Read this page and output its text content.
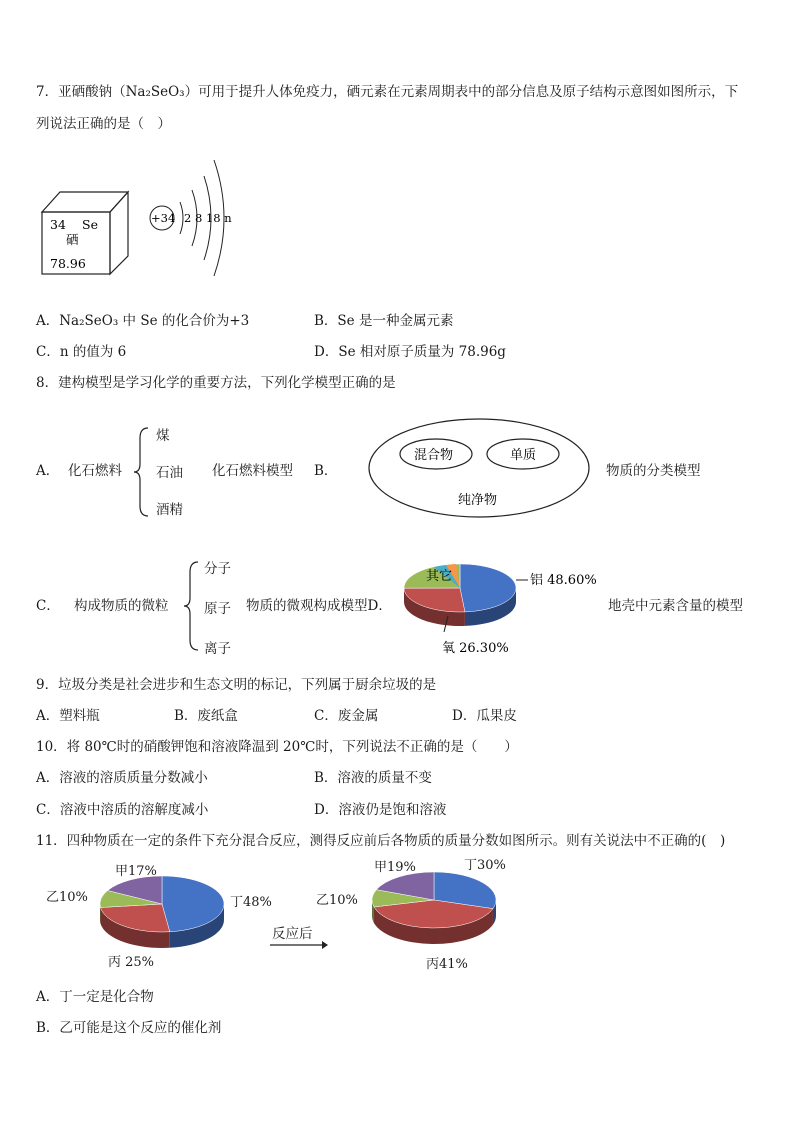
7．亚硒酸钠（Na₂SeO₃）可用于提升人体免疫力，硒元素在元素周期表中的部分信息及原子结构示意图如图所示，下
列说法正确的是（　）
34 Se
硒
78.96
+34 2 8 18 n
A．Na₂SeO₃ 中 Se 的化合价为+3	B．Se 是一种金属元素
C．n 的值为 6	D．Se 相对原子质量为 78.96g
8．建构模型是学习化学的重要方法，下列化学模型正确的是
A． 化石燃料
煤
石油
酒精
化石燃料模型 B．
混合物	单质
纯净物
物质的分类模型
C． 构成物质的微粒
分子
原子
离子
物质的微观构成模型D．
铝 48.60%
氧 26.30%
其它
地壳中元素含量的模型
9．垃圾分类是社会进步和生态文明的标记，下列属于厨余垃圾的是
A．塑料瓶	B．废纸盒	C．废金属	D．瓜果皮
10．将 80℃时的硝酸钾饱和溶液降温到 20℃时，下列说法不正确的是（　　）
A．溶液的溶质质量分数减小	B．溶液的质量不变
C．溶液中溶质的溶解度减小	D．溶液仍是饱和溶液
11．四种物质在一定的条件下充分混合反应，测得反应前后各物质的质量分数如图所示。则有关说法中不正确的(　)
甲17%
乙10%	丁48%
丙 25%
反应后
甲19%	丁30%
乙10%
丙41%
A．丁一定是化合物
B．乙可能是这个反应的催化剂
